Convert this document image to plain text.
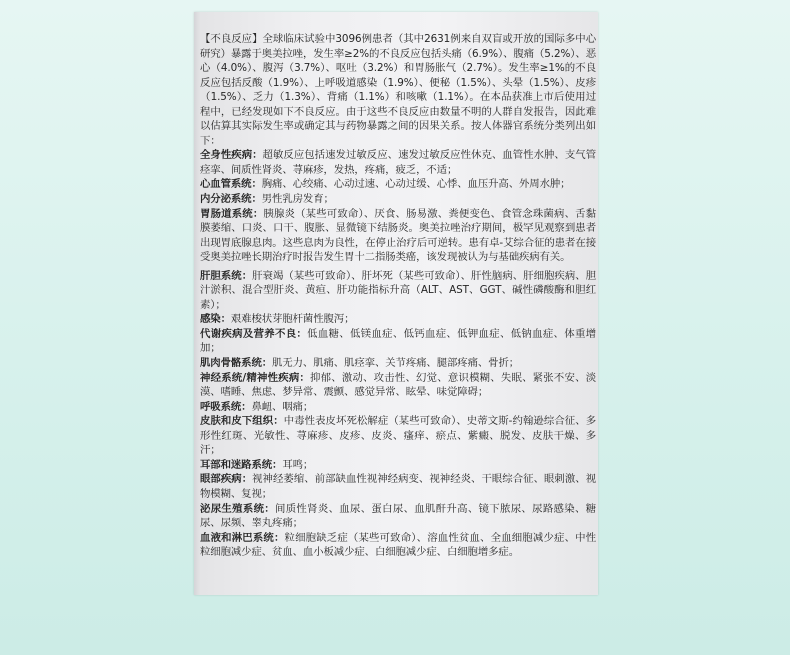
【不良反应】全球临床试验中3096例患者（其中2631例来自双盲或开放的国际多中心研究）暴露于奥美拉唑，发生率≥2%的不良反应包括头痛（6.9%）、腹痛（5.2%）、恶心（4.0%）、腹泻（3.7%）、呕吐（3.2%）和胃肠胀气（2.7%）。发生率≥1%的不良反应包括反酸（1.9%）、上呼吸道感染（1.9%）、便秘（1.5%）、头晕（1.5%）、皮疹（1.5%）、乏力（1.3%）、背痛（1.1%）和咳嗽（1.1%）。在本品获准上市后使用过程中，已经发现如下不良反应。由于这些不良反应由数量不明的人群自发报告，因此难以估算其实际发生率或确定其与药物暴露之间的因果关系。按人体器官系统分类列出如下：

全身性疾病：超敏反应包括速发过敏反应、速发过敏反应性休克、血管性水肿、支气管痉挛、间质性肾炎、荨麻疹，发热，疼痛，疲乏，不适；

心血管系统：胸痛、心绞痛、心动过速、心动过缓、心悸、血压升高、外周水肿；

内分泌系统：男性乳房发育；

胃肠道系统：胰腺炎（某些可致命）、厌食、肠易激、粪便变色、食管念珠菌病、舌黏膜萎缩、口炎、口干、腹胀、显微镜下结肠炎。奥美拉唑治疗期间，极罕见观察到患者出现胃底腺息肉。这些息肉为良性，在停止治疗后可逆转。患有卓-艾综合征的患者在接受奥美拉唑长期治疗时报告发生胃十二指肠类癌，该发现被认为与基础疾病有关。

肝胆系统：肝衰竭（某些可致命）、肝坏死（某些可致命）、肝性脑病、肝细胞疾病、胆汁淤积、混合型肝炎、黄疸、肝功能指标升高（ALT、AST、GGT、碱性磷酸酶和胆红素）；

感染：艰难梭状芽胞杆菌性腹泻；

代谢疾病及营养不良：低血糖、低镁血症、低钙血症、低钾血症、低钠血症、体重增加；

肌肉骨骼系统：肌无力、肌痛、肌痉挛、关节疼痛、腿部疼痛、骨折；

神经系统/精神性疾病：抑郁、激动、攻击性、幻觉、意识模糊、失眠、紧张不安、淡漠、嗜睡、焦虑、梦异常、震颤、感觉异常、眩晕、味觉障碍；

呼吸系统：鼻衄、咽痛；

皮肤和皮下组织：中毒性表皮坏死松解症（某些可致命）、史蒂文斯-约翰逊综合征、多形性红斑、光敏性、荨麻疹、皮疹、皮炎、瘙痒、瘀点、紫癜、脱发、皮肤干燥、多汗；

耳部和迷路系统：耳鸣；

眼部疾病：视神经萎缩、前部缺血性视神经病变、视神经炎、干眼综合征、眼刺激、视物模糊、复视；

泌尿生殖系统：间质性肾炎、血尿、蛋白尿、血肌酐升高、镜下脓尿、尿路感染、糖尿、尿频、睾丸疼痛；

血液和淋巴系统：粒细胞缺乏症（某些可致命）、溶血性贫血、全血细胞减少症、中性粒细胞减少症、贫血、血小板减少症、白细胞减少症、白细胞增多症。
